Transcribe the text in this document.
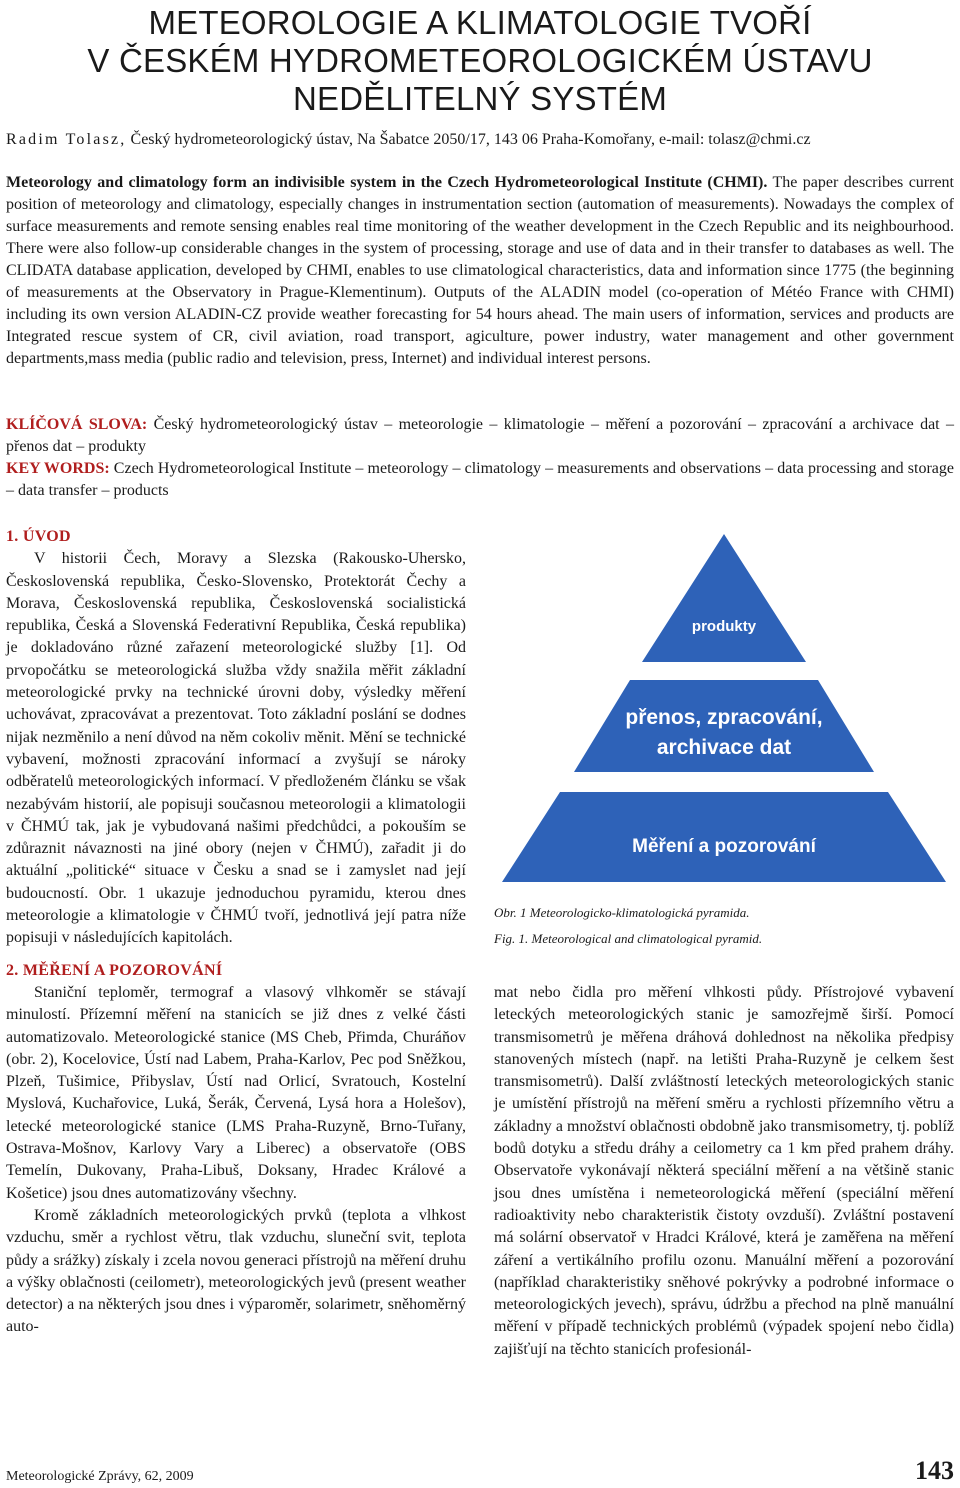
METEOROLOGIE A KLIMATOLOGIE TVOŘÍ
V ČESKÉM HYDROMETEOROLOGICKÉM ÚSTAVU
NEDĚLITELNÝ SYSTÉM
Radim Tolasz, Český hydrometeorologický ústav, Na Šabatce 2050/17, 143 06 Praha-Komořany, e-mail: tolasz@chmi.cz
Meteorology and climatology form an indivisible system in the Czech Hydrometeorological Institute (CHMI). The paper describes current position of meteorology and climatology, especially changes in instrumentation section (automation of measurements). Nowadays the complex of surface measurements and remote sensing enables real time monitoring of the weather development in the Czech Republic and its neighbourhood. There were also follow-up considerable changes in the system of processing, storage and use of data and in their transfer to databases as well. The CLIDATA database application, developed by CHMI, enables to use climatological characteristics, data and information since 1775 (the beginning of measurements at the Observatory in Prague-Klementinum). Outputs of the ALADIN model (co-operation of Météo France with CHMI) including its own version ALADIN-CZ provide weather forecasting for 54 hours ahead. The main users of information, services and products are Integrated rescue system of CR, civil aviation, road transport, agiculture, power industry, water management and other government departments,mass media (public radio and television, press, Internet) and individual interest persons.
KLÍČOVÁ SLOVA: Český hydrometeorologický ústav – meteorologie – klimatologie – měření a pozorování – zpracování a archivace dat – přenos dat – produkty
KEY WORDS: Czech Hydrometeorological Institute – meteorology – climatology – measurements and observations – data processing and storage – data transfer – products
1. ÚVOD

V historii Čech, Moravy a Slezska (Rakousko-Uhersko, Československá republika, Česko-Slovensko, Protektorát Čechy a Morava, Československá republika, Československá socialistická republika, Česká a Slovenská Federativní Republika, Česká republika) je dokladováno různé zařazení meteorologické služby [1]. Od prvopočátku se meteorologická služba vždy snažila měřit základní meteorologické prvky na technické úrovni doby, výsledky měření uchovávat, zpracovávat a prezentovat. Toto základní poslání se dodnes nijak nezměnilo a není důvod na něm cokoliv měnit. Mění se technické vybavení, možnosti zpracování informací a zvyšují se nároky odběratelů meteorologických informací. V předloženém článku se však nezabývám historií, ale popisuji současnou meteorologii a klimatologii v ČHMÚ tak, jak je vybudovaná našimi předchůdci, a pokouším se zdůraznit návaznosti na jiné obory (nejen v ČHMÚ), zařadit ji do aktuální „politické“ situace v Česku a snad se i zamyslet nad její budoucností. Obr. 1 ukazuje jednoduchou pyramidu, kterou dnes meteorologie a klimatologie v ČHMÚ tvoří, jednotlivá její patra níže popisuji v následujících kapitolách.

2. MĚŘENÍ A POZOROVÁNÍ

Staniční teploměr, termograf a vlasový vlhkoměr se stávají minulostí. Přízemní měření na stanicích se již dnes z velké části automatizovalo. Meteorologické stanice (MS Cheb, Přimda, Churáňov (obr. 2), Kocelovice, Ústí nad Labem, Praha-Karlov, Pec pod Sněžkou, Plzeň, Tušimice, Přibyslav, Ústí nad Orlicí, Svratouch, Kostelní Myslová, Kuchařovice, Luká, Šerák, Červená, Lysá hora a Holešov), letecké meteorologické stanice (LMS Praha-Ruzyně, Brno-Tuřany, Ostrava-Mošnov, Karlovy Vary a Liberec) a observatoře (OBS Temelín, Dukovany, Praha-Libuš, Doksany, Hradec Králové a Košetice) jsou dnes automatizovány všechny.

Kromě základních meteorologických prvků (teplota a vlhkost vzduchu, směr a rychlost větru, tlak vzduchu, sluneční svit, teplota půdy a srážky) získaly i zcela novou generaci přístrojů na měření druhu a výšky oblačnosti (ceilometr), meteorologických jevů (present weather detector) a na některých jsou dnes i výparoměr, solarimetr, sněhoměrný auto-

produkty
přenos, zpracování,
archivace dat
Měření a pozorování
Obr. 1 Meteorologicko-klimatologická pyramida.
Fig. 1. Meteorological and climatological pyramid.
mat nebo čidla pro měření vlhkosti půdy. Přístrojové vybavení leteckých meteorologických stanic je samozřejmě širší. Pomocí transmisometrů je měřena dráhová dohlednost na několika předpisy stanovených místech (např. na letišti Praha-Ruzyně je celkem šest transmisometrů). Další zvláštností leteckých meteorologických stanic je umístění přístrojů na měření směru a rychlosti přízemního větru a základny a množství oblačnosti obdobně jako transmisometry, tj. poblíž bodů dotyku a středu dráhy a ceilometry ca 1 km před prahem dráhy. Observatoře vykonávají některá speciální měření a na většině stanic jsou dnes umístěna i nemeteorologická měření (speciální měření radioaktivity nebo charakteristik čistoty ovzduší). Zvláštní postavení má solární observatoř v Hradci Králové, která je zaměřena na měření záření a vertikálního profilu ozonu. Manuální měření a pozorování (například charakteristiky sněhové pokrývky a podrobné informace o meteorologických jevech), správu, údržbu a přechod na plně manuální měření v případě technických problémů (výpadek spojení nebo čidla) zajišťují na těchto stanicích profesionál-
Meteorologické Zprávy, 62, 2009	143
